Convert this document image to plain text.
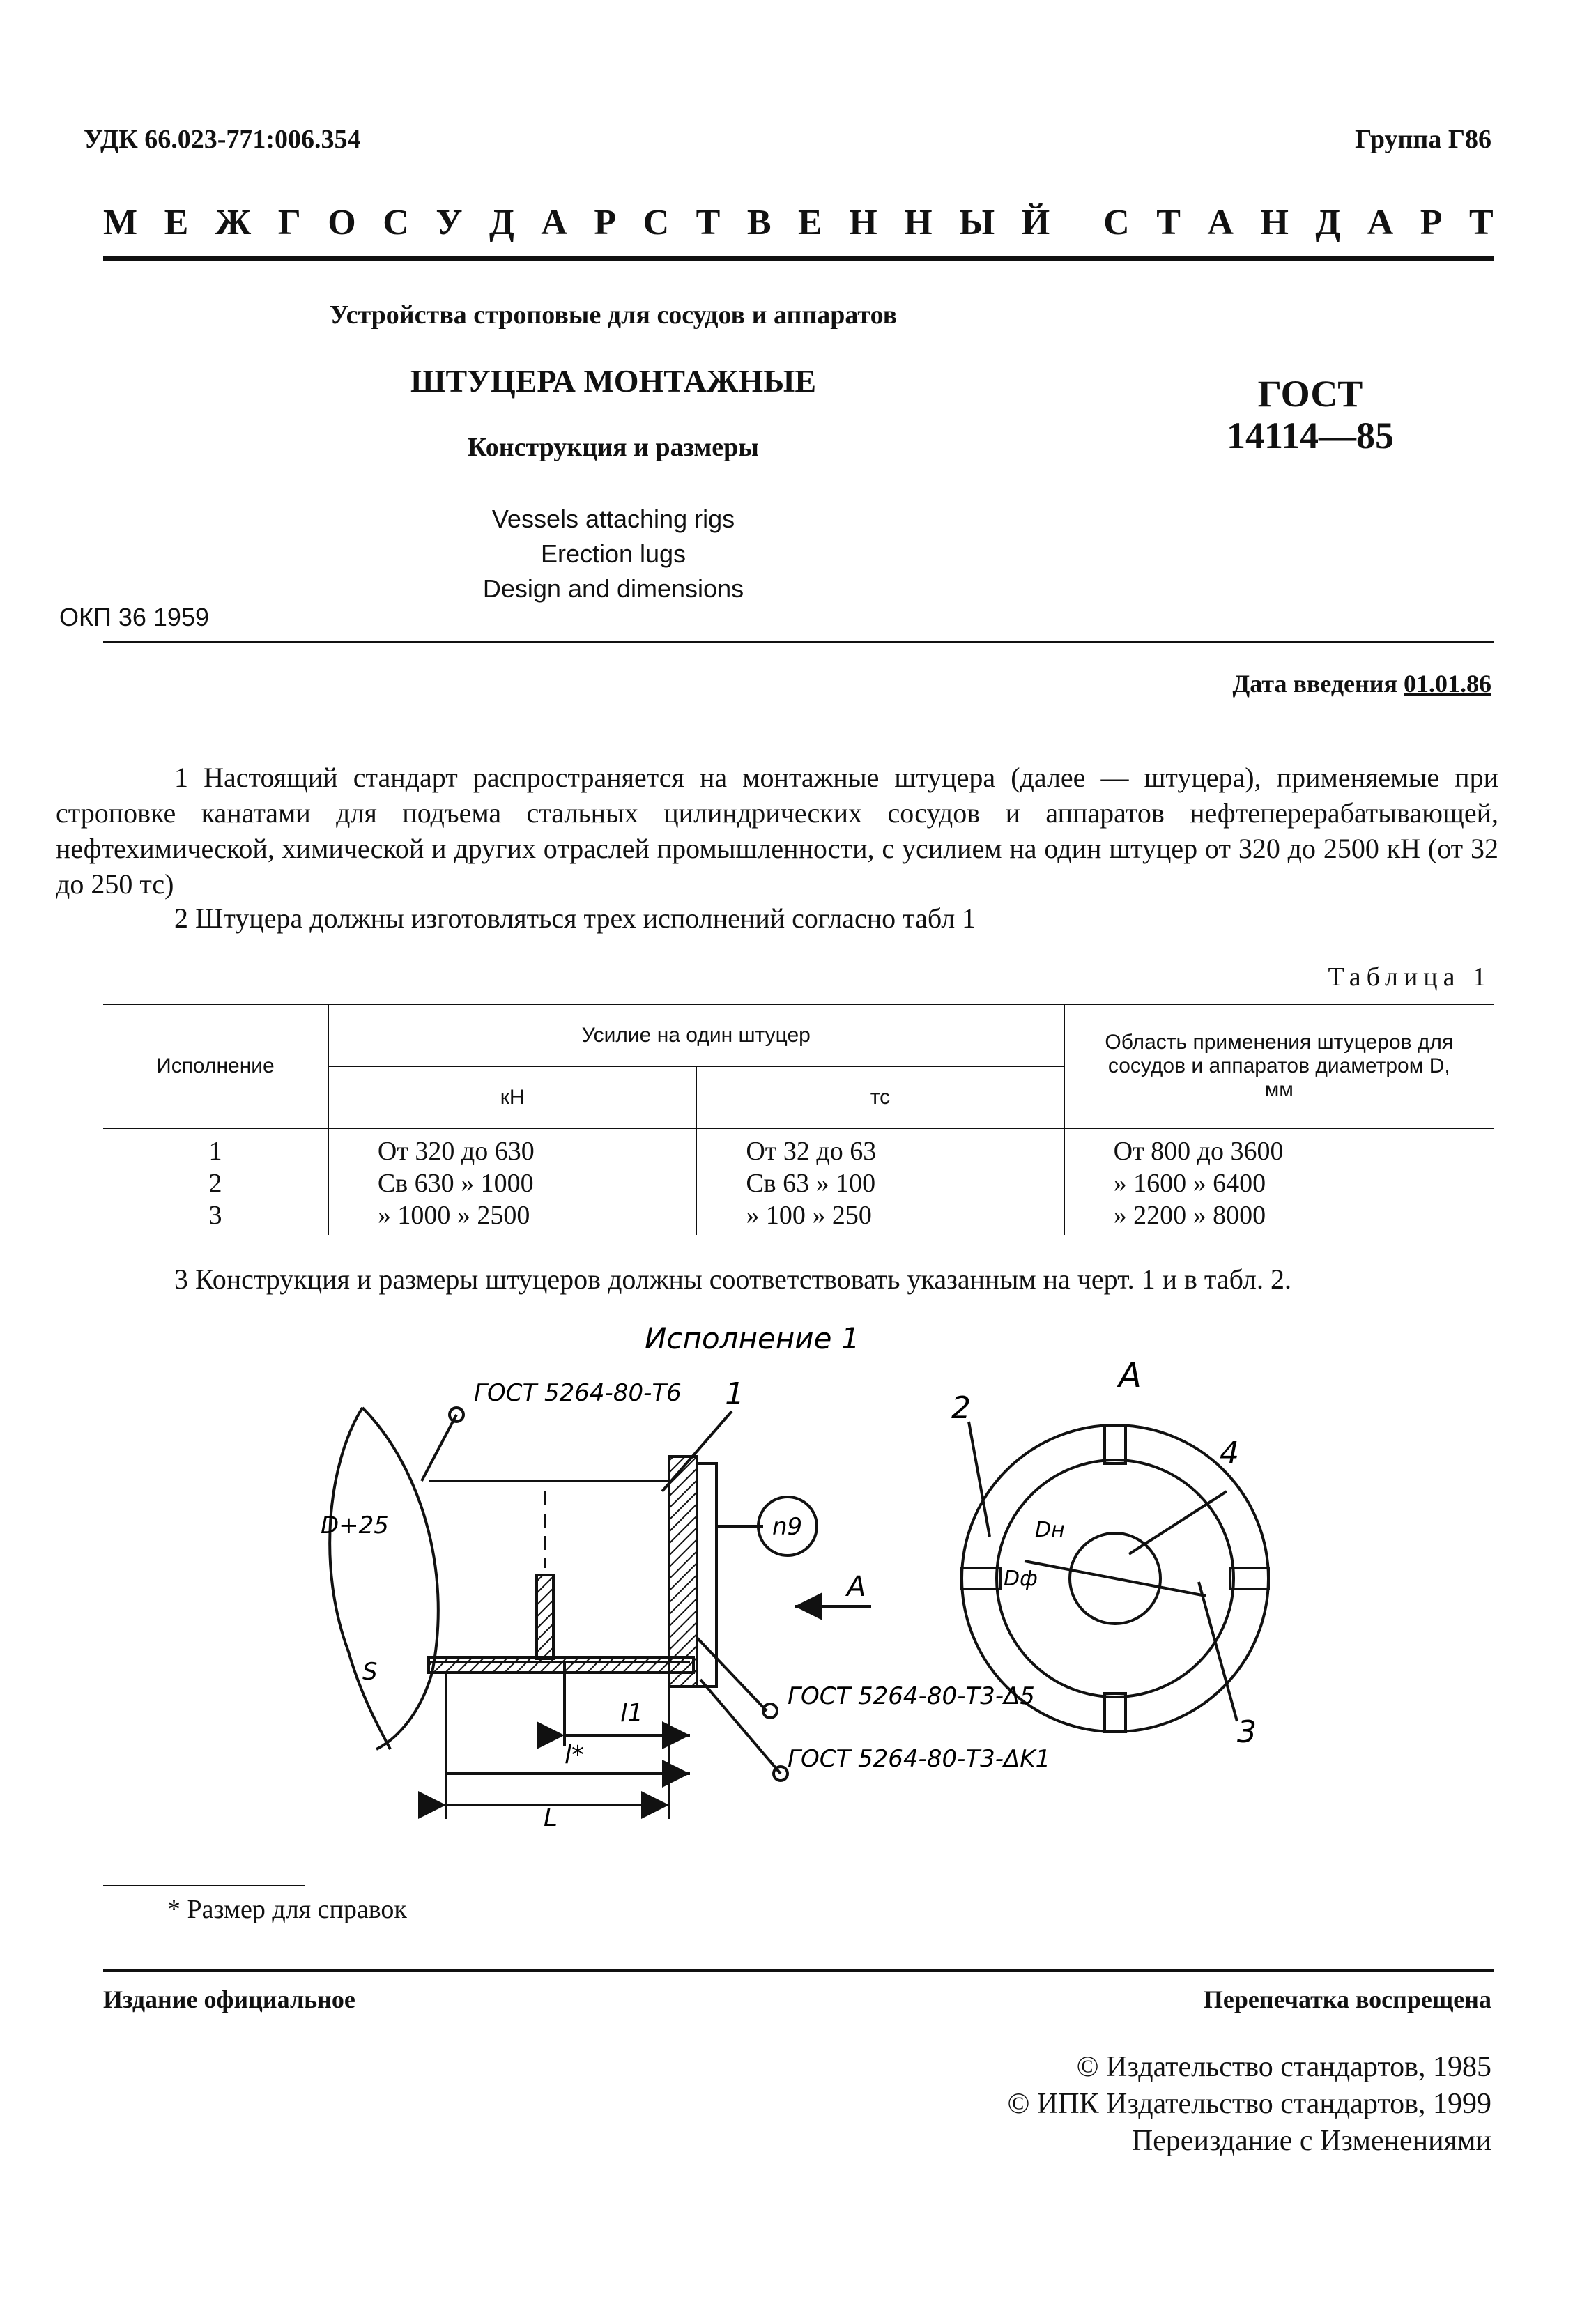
УДК 66.023-771:006.354	Группа Г86
М Е Ж Г О С У Д А Р С Т В Е Н Н Ы Й С Т А Н Д А Р Т
Устройства строповые для сосудов и аппаратов
ШТУЦЕРА МОНТАЖНЫЕ
Конструкция и размеры
Vessels attaching rigs
Erection lugs
Design and dimensions
ГОСТ
14114—85
ОКП 36 1959
Дата введения 01.01.86
1 Настоящий стандарт распространяется на монтажные штуцера (далее — штуцера), применяемые при строповке канатами для подъема стальных цилиндрических сосудов и аппаратов нефтеперерабатывающей, нефтехимической, химической и других отраслей промышленности, с усилием на один штуцер от 320 до 2500 кН (от 32 до 250 тс)
2 Штуцера должны изготовляться трех исполнений согласно табл 1
Таблица 1
Исполнение	Усилие на один штуцер		Область применения штуцеров для сосудов и аппаратов диаметром D, мм
	кН	тс	
1	От 320 до 630	От 32 до 63	От 800 до 3600
2	Св 630 » 1000	Св 63 » 100	» 1600 » 6400
3	» 1000 » 2500	» 100 » 250	» 2200 » 8000
3 Конструкция и размеры штуцеров должны соответствовать указанным на черт. 1 и в табл. 2.
Исполнение 1
А
1	2
3
4
ГОСТ 5264-80-Т6
ГОСТ 5264-80-Т3-Δ5
ГОСТ 5264-80-Т3-ΔK1
n9
D+25
S
l1
l*
L
A
Dн
Dф
* Размер для справок
Издание официальное	Перепечатка воспрещена
© Издательство стандартов, 1985
© ИПК Издательство стандартов, 1999
Переиздание с Изменениями
